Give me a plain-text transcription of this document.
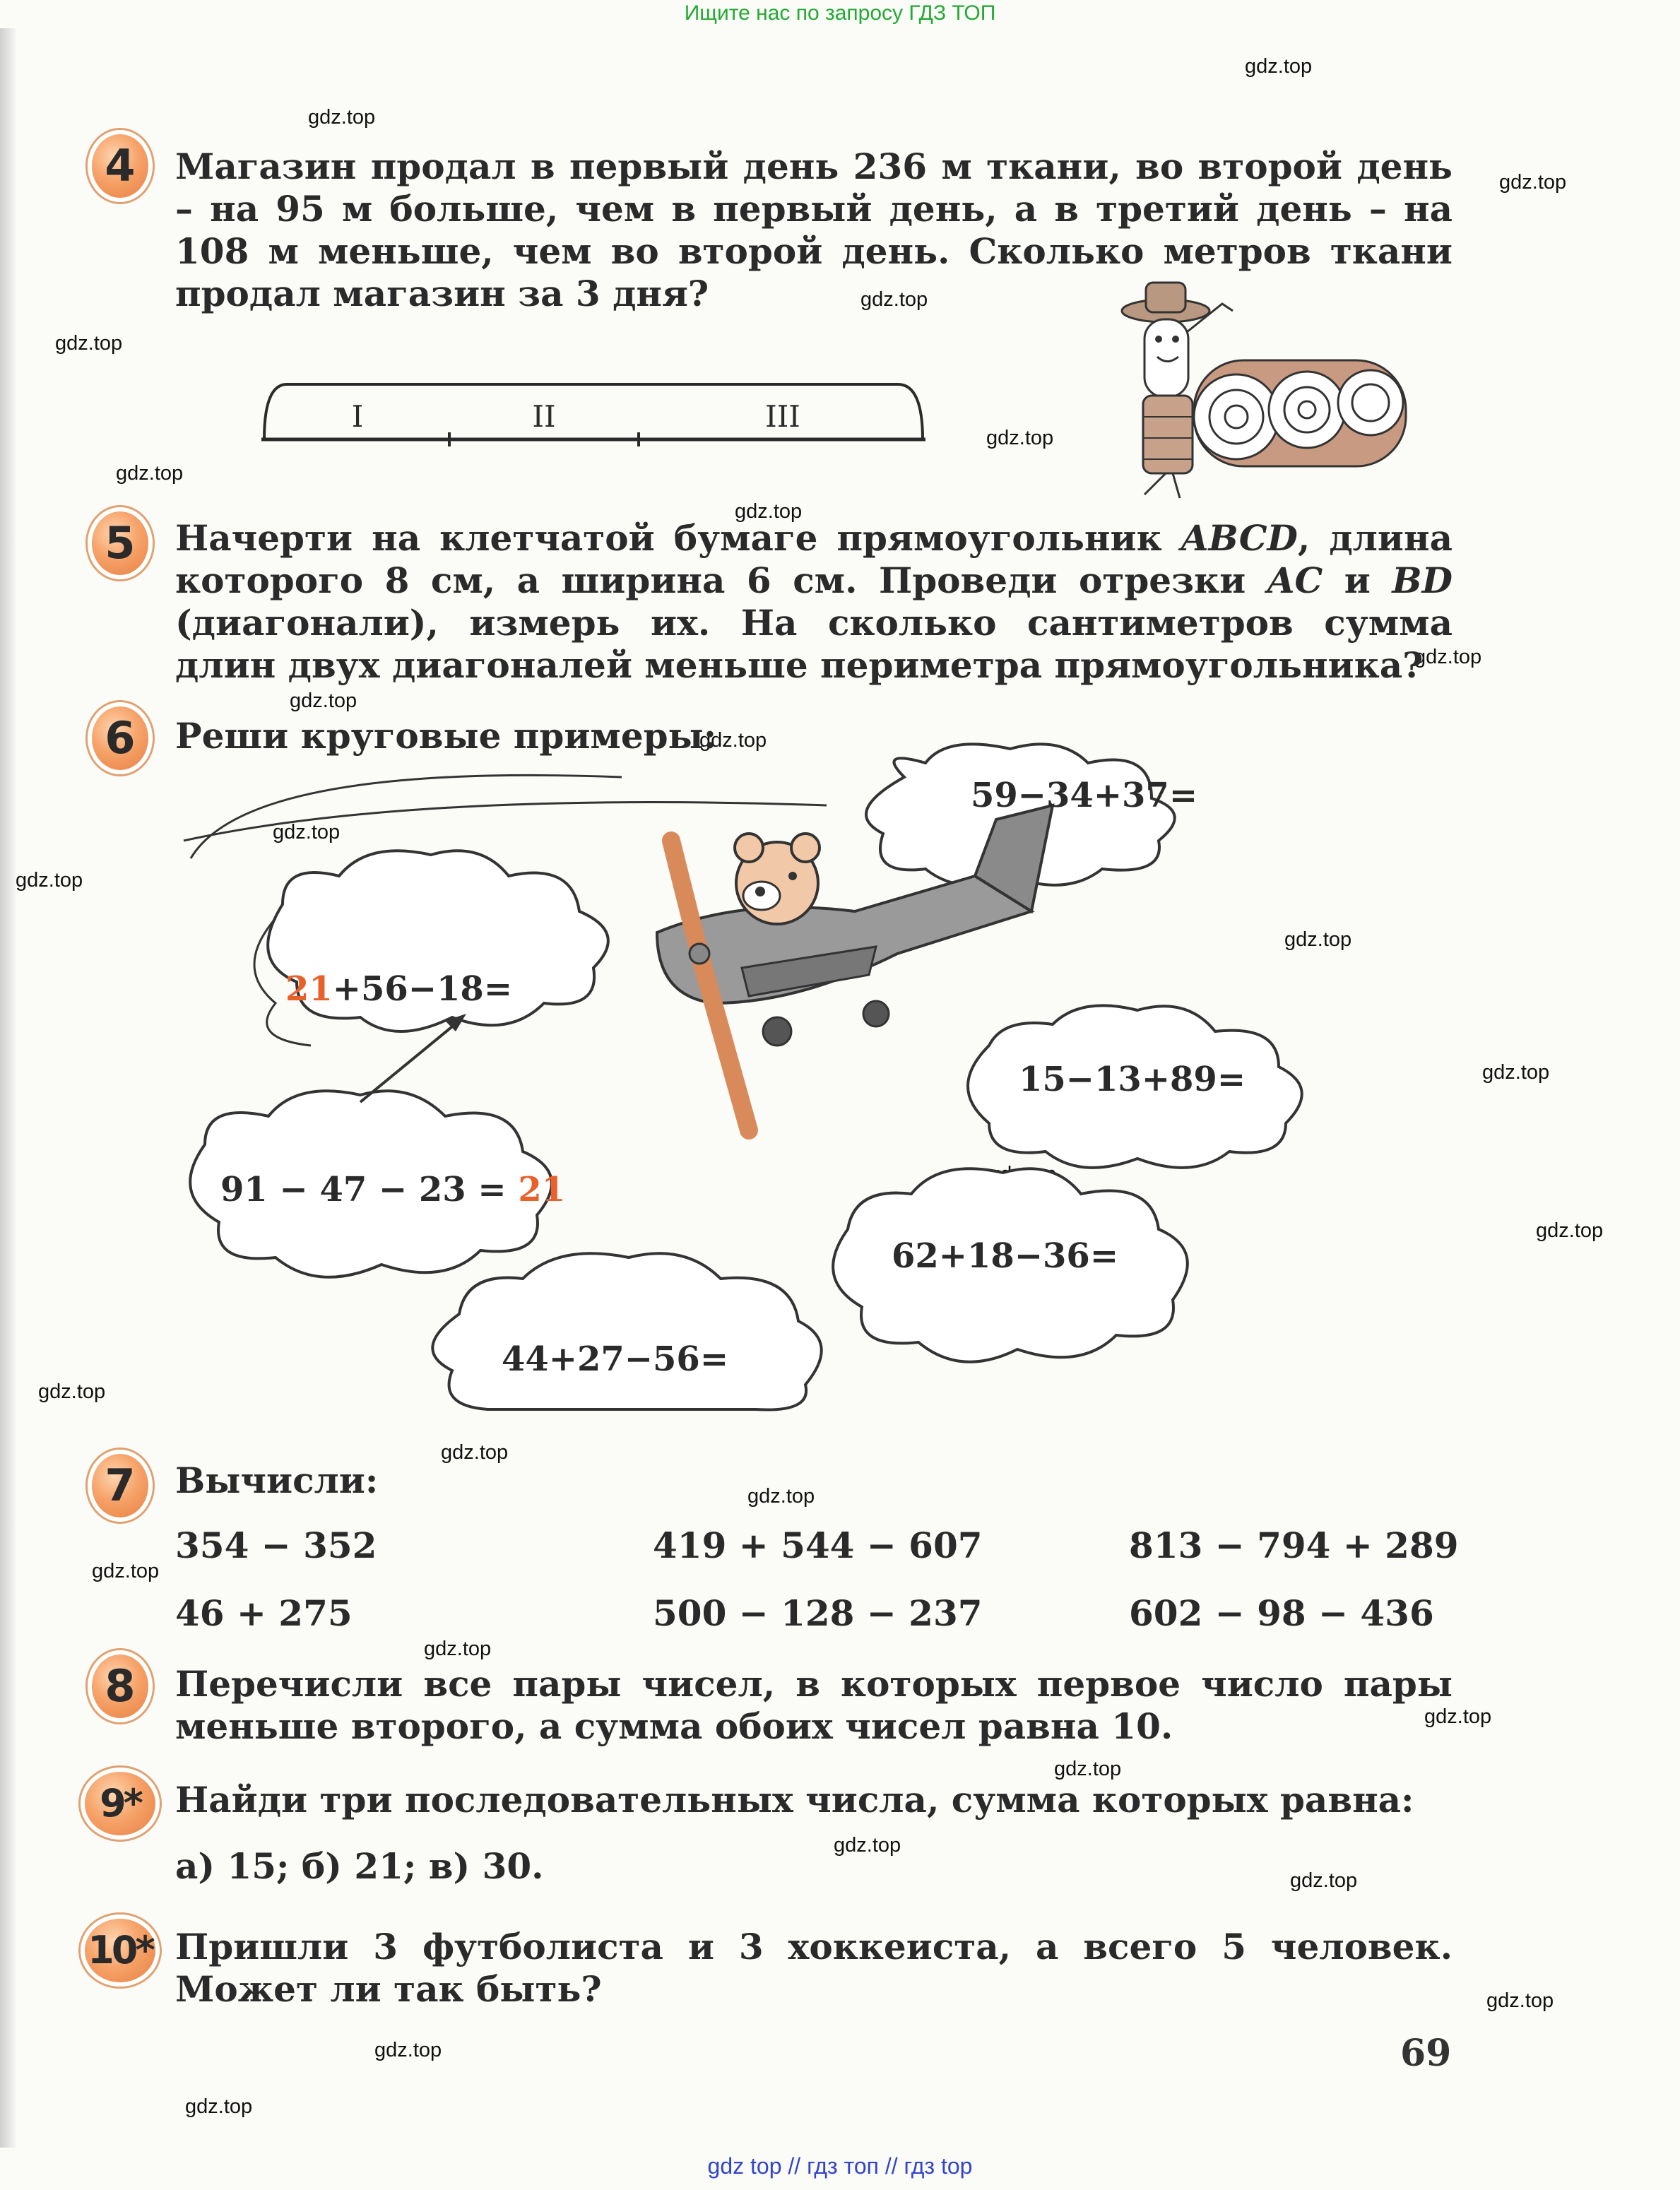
Ищите нас по запросу ГДЗ ТОП
gdz.top
gdz.top
gdz.top
gdz.top
gdz.top
gdz.top
gdz.top
gdz.top
gdz.top
gdz.top
gdz.top
gdz.top
gdz.top
gdz.top
gdz.top
gdz.top
gdz.top
gdz.top
gdz.top
gdz.top
gdz.top
gdz.top
gdz.top
gdz.top
gdz.top
gdz.top
gdz.top
gdz.top
4	Магазин продал в первый день 236 м ткани, во второй день – на 95 м больше, чем в первый день, а в третий день – на 108 м меньше, чем во второй день. Сколько метров ткани продал магазин за 3 дня?
I	II	III
5	Начерти на клетчатой бумаге прямоугольник ABCD, длина которого 8 см, а ширина 6 см. Проведи отрезки AC и BD (диагонали), измерь их. На сколько сантиметров сумма длин двух диагоналей меньше периметра прямоугольника?
6	Реши круговые примеры:
59−34+37=
21+56−18=
15−13+89=
91 − 47 − 23 = 21
62+18−36=
44+27−56=
7	Вычисли:
354 − 352	419 + 544 − 607	813 − 794 + 289
46 + 275	500 − 128 − 237	602 − 98 − 436
8	Перечисли все пары чисел, в которых первое число пары меньше второго, а сумма обоих чисел равна 10.
9* Найди три последовательных числа, сумма которых равна:
а) 15; б) 21; в) 30.
10* Пришли 3 футболиста и 3 хоккеиста, а всего 5 человек. Может ли так быть?
69
gdz top // гдз топ // гдз top
